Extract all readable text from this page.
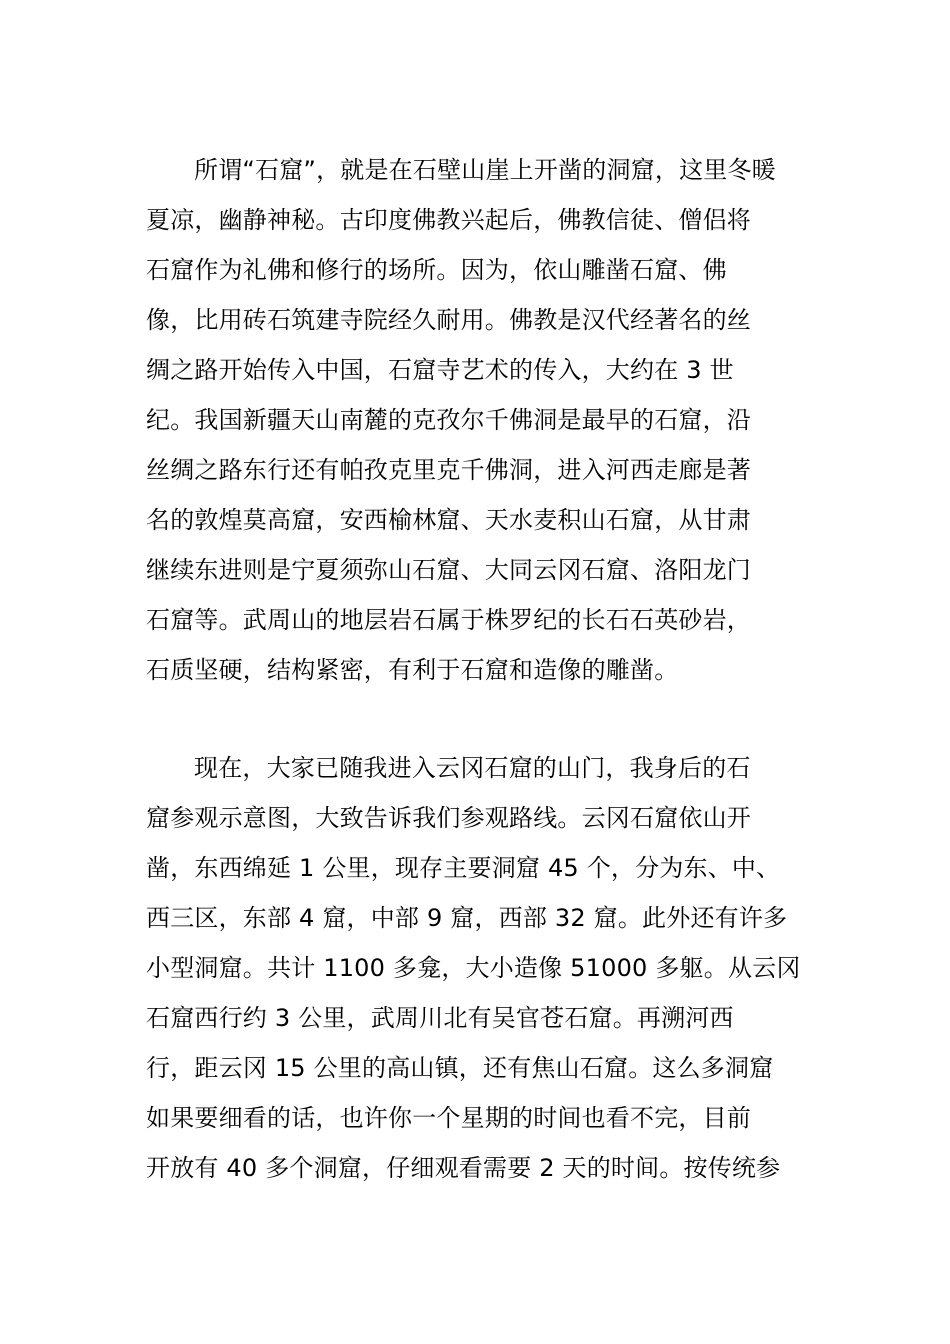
所谓“石窟”，就是在石壁山崖上开凿的洞窟，这里冬暖
夏凉，幽静神秘。古印度佛教兴起后，佛教信徒、僧侣将
石窟作为礼佛和修行的场所。因为，依山雕凿石窟、佛
像，比用砖石筑建寺院经久耐用。佛教是汉代经著名的丝
绸之路开始传入中国，石窟寺艺术的传入，大约在 3 世
纪。我国新疆天山南麓的克孜尔千佛洞是最早的石窟，沿
丝绸之路东行还有帕孜克里克千佛洞，进入河西走廊是著
名的敦煌莫高窟，安西榆林窟、天水麦积山石窟，从甘肃
继续东进则是宁夏须弥山石窟、大同云冈石窟、洛阳龙门
石窟等。武周山的地层岩石属于株罗纪的长石石英砂岩，
石质坚硬，结构紧密，有利于石窟和造像的雕凿。
现在，大家已随我进入云冈石窟的山门，我身后的石
窟参观示意图，大致告诉我们参观路线。云冈石窟依山开
凿，东西绵延 1 公里，现存主要洞窟 45 个，分为东、中、
西三区，东部 4 窟，中部 9 窟，西部 32 窟。此外还有许多
小型洞窟。共计 1100 多龛，大小造像 51000 多躯。从云冈
石窟西行约 3 公里，武周川北有吴官苍石窟。再溯河西
行，距云冈 15 公里的高山镇，还有焦山石窟。这么多洞窟
如果要细看的话，也许你一个星期的时间也看不完，目前
开放有 40 多个洞窟，仔细观看需要 2 天的时间。按传统参
